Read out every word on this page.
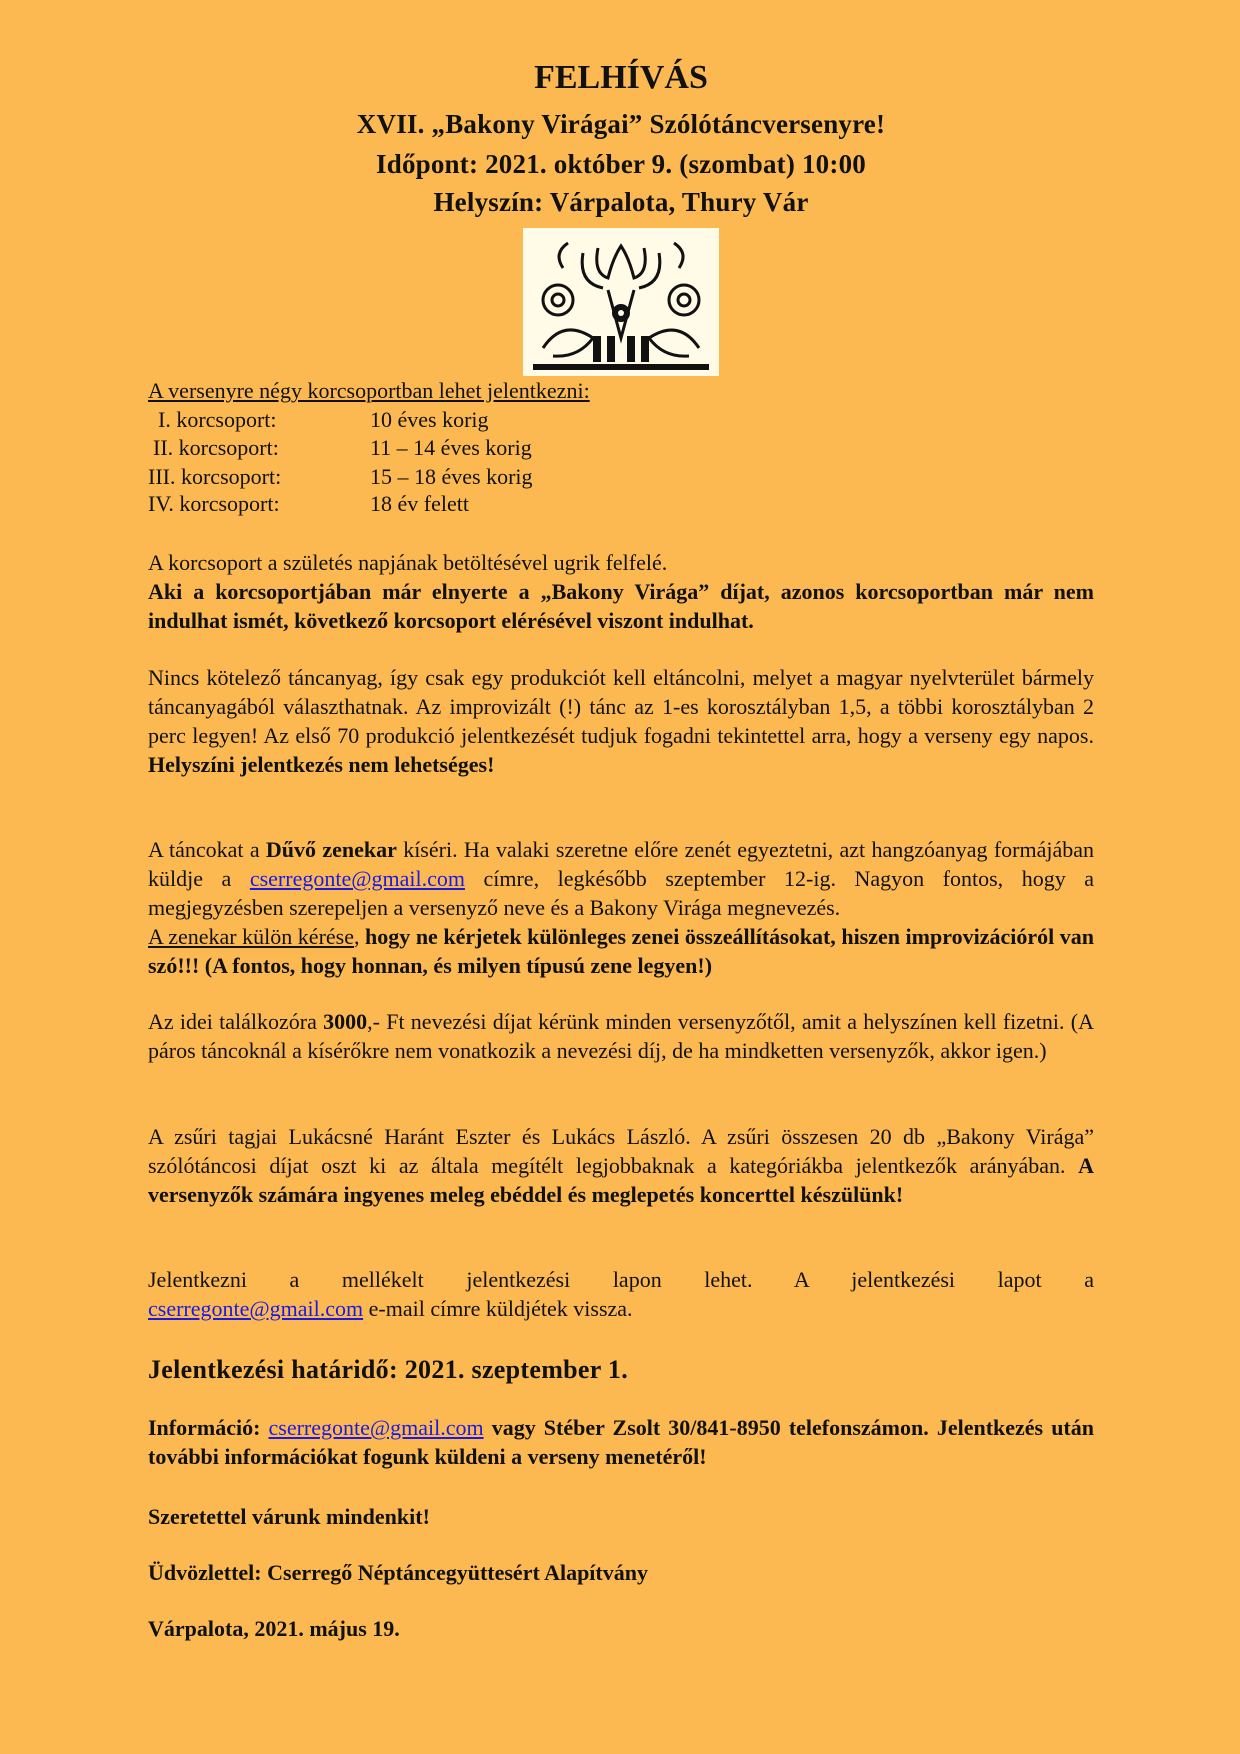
FELHÍVÁS
XVII. „Bakony Virágai” Szólótáncversenyre!
Időpont: 2021. október 9. (szombat) 10:00
Helyszín: Várpalota, Thury Vár
A versenyre négy korcsoportban lehet jelentkezni:
I. korcsoport:	10 éves korig
II. korcsoport:	11 – 14 éves korig
III. korcsoport:	15 – 18 éves korig
IV. korcsoport:	18 év felett

A korcsoport a születés napjának betöltésével ugrik felfelé.

Aki a korcsoportjában már elnyerte a „Bakony Virága” díjat, azonos korcsoportban már nem indulhat ismét, következő korcsoport elérésével viszont indulhat.

Nincs kötelező táncanyag, így csak egy produkciót kell eltáncolni, melyet a magyar nyelvterület bármely táncanyagából választhatnak. Az improvizált (!) tánc az 1-es korosztályban 1,5, a többi korosztályban 2 perc legyen! Az első 70 produkció jelentkezését tudjuk fogadni tekintettel arra, hogy a verseny egy napos. Helyszíni jelentkezés nem lehetséges!

A táncokat a Dűvő zenekar kíséri. Ha valaki szeretne előre zenét egyeztetni, azt hangzóanyag formájában küldje a cserregonte@gmail.com címre, legkésőbb szeptember 12-ig. Nagyon fontos, hogy a megjegyzésben szerepeljen a versenyző neve és a Bakony Virága megnevezés.

A zenekar külön kérése, hogy ne kérjetek különleges zenei összeállításokat, hiszen improvizációról van szó!!! (A fontos, hogy honnan, és milyen típusú zene legyen!)

Az idei találkozóra 3000,- Ft nevezési díjat kérünk minden versenyzőtől, amit a helyszínen kell fizetni. (A páros táncoknál a kísérőkre nem vonatkozik a nevezési díj, de ha mindketten versenyzők, akkor igen.)

A zsűri tagjai Lukácsné Haránt Eszter és Lukács László. A zsűri összesen 20 db „Bakony Virága” szólótáncosi díjat oszt ki az általa megítélt legjobbaknak a kategóriákba jelentkezők arányában. A versenyzők számára ingyenes meleg ebéddel és meglepetés koncerttel készülünk!

Jelentkezni a mellékelt jelentkezési lapon lehet. A jelentkezési lapot a

cserregonte@gmail.com e-mail címre küldjétek vissza.

Jelentkezési határidő: 2021. szeptember 1.

Információ: cserregonte@gmail.com vagy Stéber Zsolt 30/841-8950 telefonszámon. Jelentkezés után további információkat fogunk küldeni a verseny menetéről!

Szeretettel várunk mindenkit!
Üdvözlettel: Cserregő Néptáncegyüttesért Alapítvány
Várpalota, 2021. május 19.
